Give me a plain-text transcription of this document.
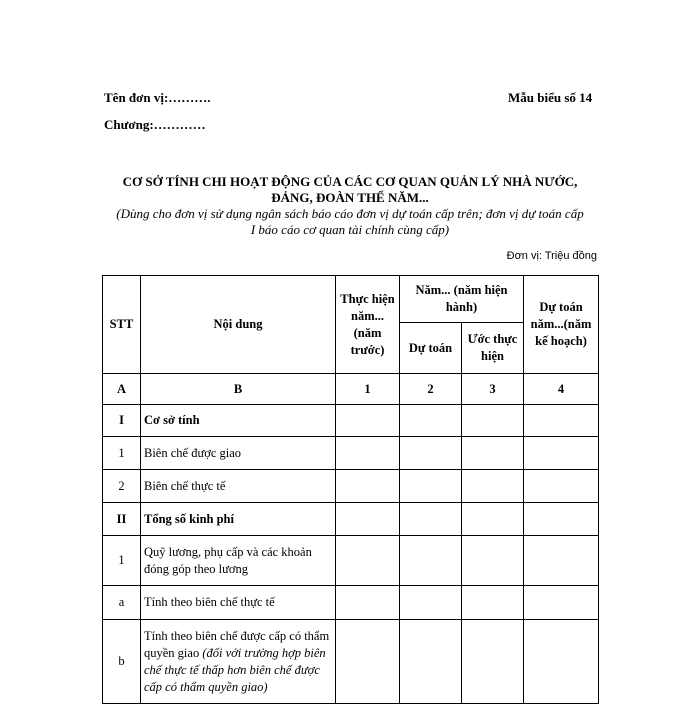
Tên đơn vị:……….	Mẫu biểu số 14
Chương:…………
CƠ SỞ TÍNH CHI HOẠT ĐỘNG CỦA CÁC CƠ QUAN QUẢN LÝ NHÀ NƯỚC,
ĐẢNG, ĐOÀN THỂ NĂM...
(Dùng cho đơn vị sử dụng ngân sách báo cáo đơn vị dự toán cấp trên; đơn vị dự toán cấp
I báo cáo cơ quan tài chính cùng cấp)
Đơn vị: Triệu đồng
STT	Nội dung	Thực hiện năm... (năm trước)	Năm... (năm hiện hành)		Dự toán năm...(năm kế hoạch)
			Dự toán	Ước thực hiện	
A	B	1	2	3	4
I	Cơ sở tính				
1	Biên chế được giao				
2	Biên chế thực tế				
II	Tổng số kinh phí				
1	Quỹ lương, phụ cấp và các khoản đóng góp theo lương				
a	Tính theo biên chế thực tế				
b	Tính theo biên chế được cấp có thẩm quyền giao (đối với trường hợp biên chế thực tế thấp hơn biên chế được cấp có thẩm quyền giao)				
